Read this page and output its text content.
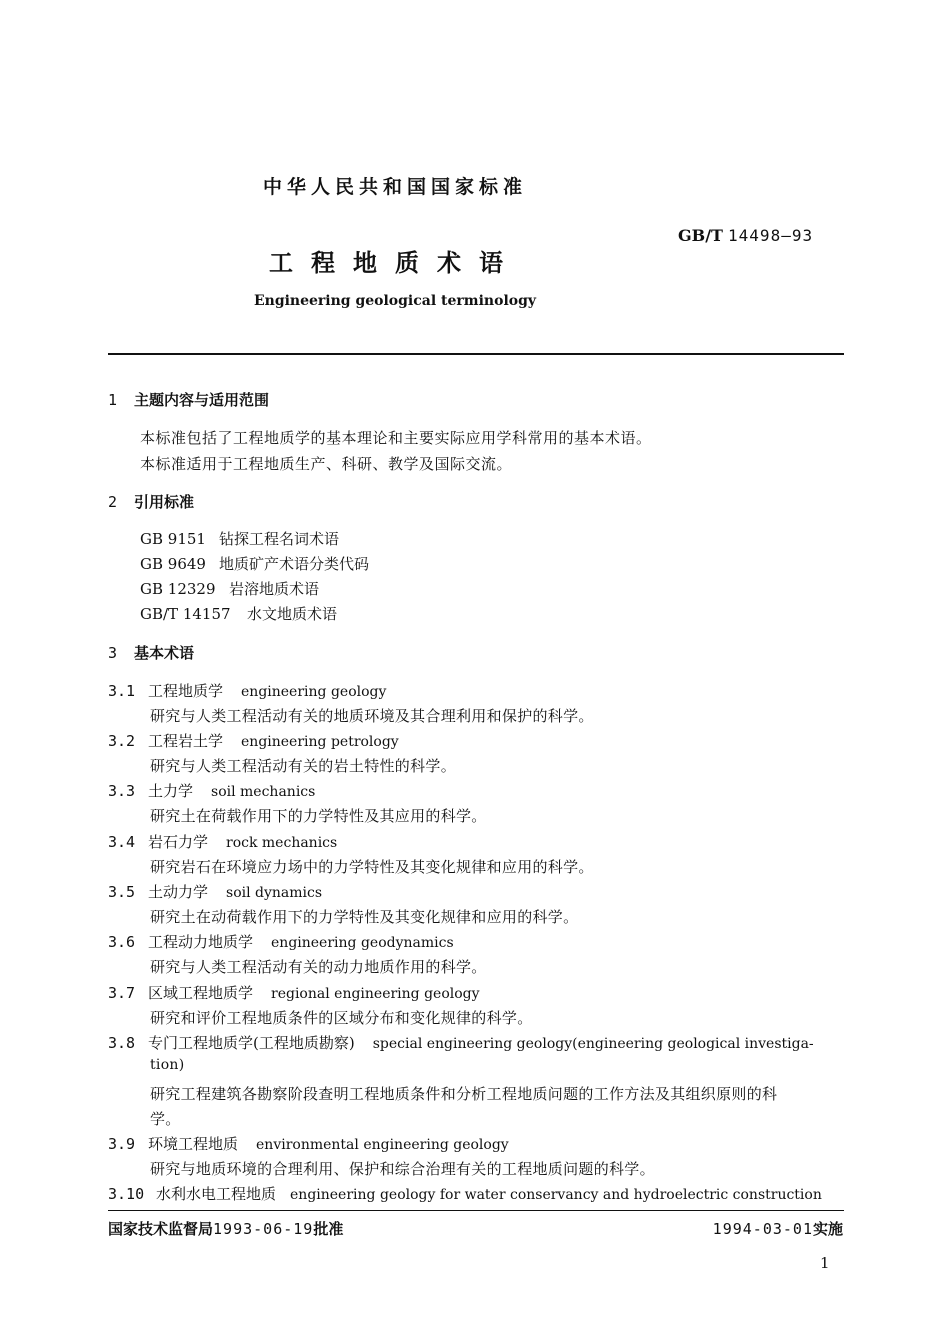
中华人民共和国国家标准
GB/T 14498—93
工程地质术语
Engineering geological terminology
1 主题内容与适用范围
本标准包括了工程地质学的基本理论和主要实际应用学科常用的基本术语。
本标准适用于工程地质生产、科研、教学及国际交流。
2 引用标准
GB 9151 钻探工程名词术语
GB 9649 地质矿产术语分类代码
GB 12329 岩溶地质术语
GB/T 14157 水文地质术语
3 基本术语
3.1 工程地质学 engineering geology
研究与人类工程活动有关的地质环境及其合理利用和保护的科学。
3.2 工程岩土学 engineering petrology
研究与人类工程活动有关的岩土特性的科学。
3.3 土力学 soil mechanics
研究土在荷载作用下的力学特性及其应用的科学。
3.4 岩石力学 rock mechanics
研究岩石在环境应力场中的力学特性及其变化规律和应用的科学。
3.5 土动力学 soil dynamics
研究土在动荷载作用下的力学特性及其变化规律和应用的科学。
3.6 工程动力地质学 engineering geodynamics
研究与人类工程活动有关的动力地质作用的科学。
3.7 区域工程地质学 regional engineering geology
研究和评价工程地质条件的区域分布和变化规律的科学。
3.8 专门工程地质学(工程地质勘察) special engineering geology(engineering geological investiga-
tion)
研究工程建筑各勘察阶段查明工程地质条件和分析工程地质问题的工作方法及其组织原则的科
学。
3.9 环境工程地质 environmental engineering geology
研究与地质环境的合理利用、保护和综合治理有关的工程地质问题的科学。
3.10 水利水电工程地质 engineering geology for water conservancy and hydroelectric construction
国家技术监督局1993-06-19批准	1994-03-01实施
1
